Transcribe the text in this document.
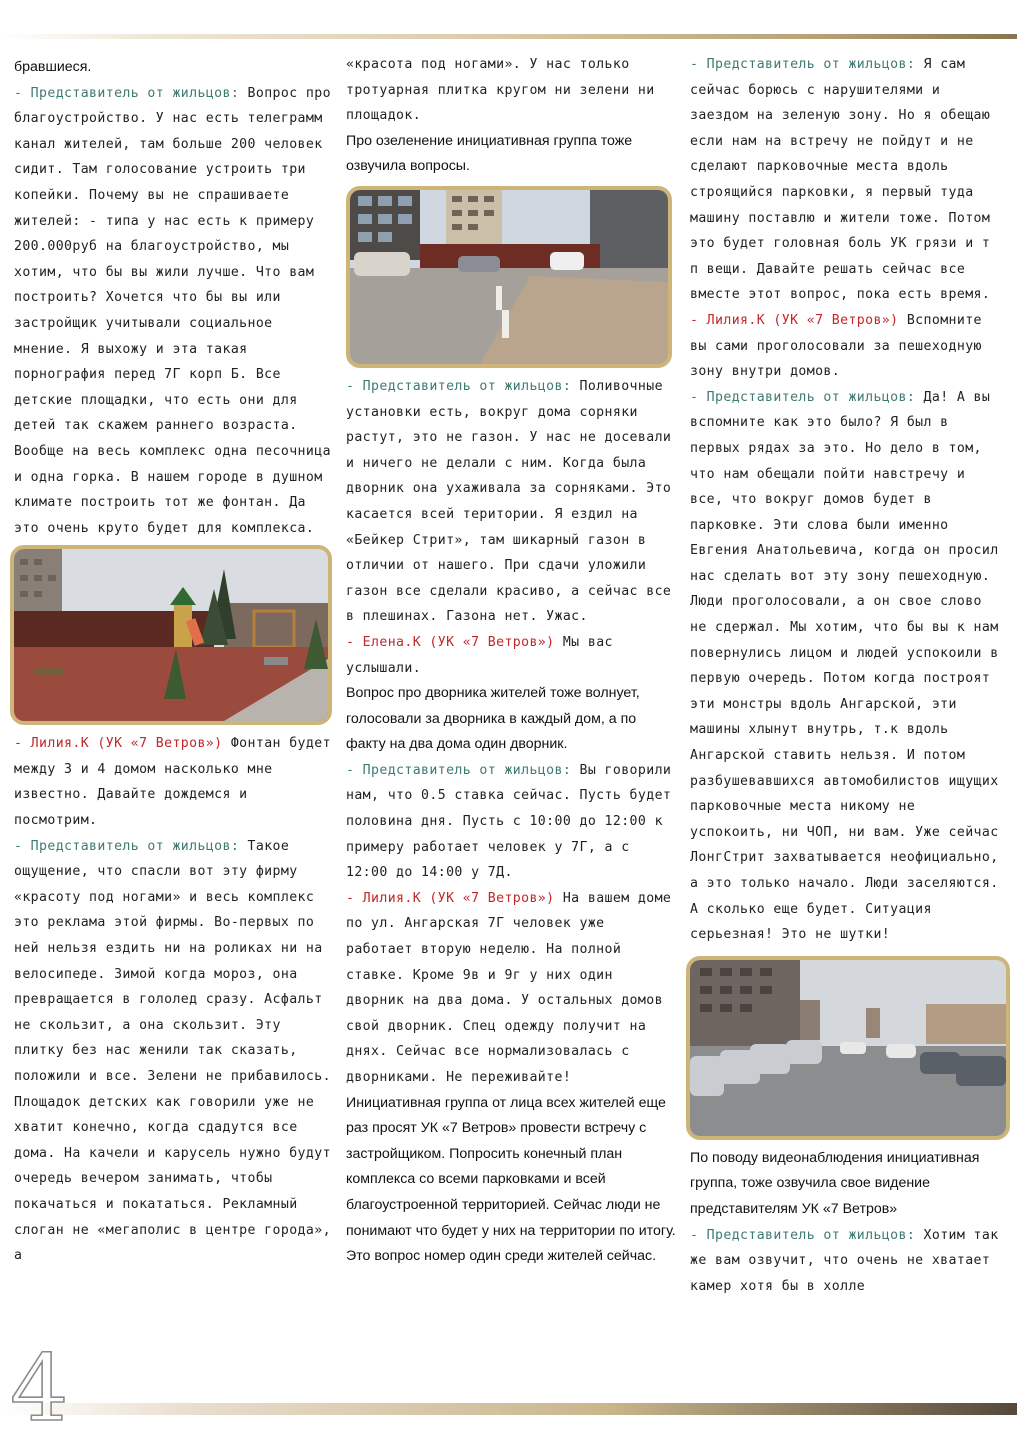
бравшиеся.
- Представитель от жильцов: Вопрос про благоустройство. У нас есть телеграмм канал жителей, там больше 200 человек сидит. Там голосование устроить три копейки. Почему вы не спрашиваете жителей: - типа у нас есть к примеру 200.000руб на благоустройство, мы хотим, что бы вы жили лучше. Что вам построить? Хочется что бы вы или застройщик учитывали социальное мнение. Я выхожу и эта такая порнография перед 7Г корп Б. Все детские площадки, что есть они для детей так скажем раннего возраста. Вообще на весь комплекс одна песочница и одна горка. В нашем городе в душном климате построить тот же фонтан. Да это очень круто будет для комплекса.
- Лилия.К (УК «7 Ветров») Фонтан будет между 3 и 4 домом насколько мне известно. Давайте дождемся и посмотрим.
- Представитель от жильцов: Такое ощущение, что спасли вот эту фирму «красоту под ногами» и весь комплекс это реклама этой фирмы. Во-первых по ней нельзя ездить ни на роликах ни на велосипеде. Зимой когда мороз, она превращается в гололед сразу. Асфальт не скользит, а она скользит. Эту плитку без нас женили так сказать, положили и все. Зелени не прибавилось. Площадок детских как говорили уже не хватит конечно, когда сдадутся все дома. На качели и карусель нужно будут очередь вечером занимать, чтобы покачаться и покататься. Рекламный слоган не «мегаполис в центре города», а
«красота под ногами». У нас только тротуарная плитка кругом ни зелени ни площадок.
Про озеленение инициативная группа тоже озвучила вопросы.
- Представитель от жильцов: Поливочные установки есть, вокруг дома сорняки растут, это не газон. У нас не досевали и ничего не делали с ним. Когда была дворник она ухаживала за сорняками. Это касается всей територии. Я ездил на «Бейкер Стрит», там шикарный газон в отличии от нашего. При сдачи уложили газон все сделали красиво, а сейчас все в плешинах. Газона нет. Ужас.
- Елена.К (УК «7 Ветров») Мы вас услышали.
Вопрос про дворника жителей тоже волнует, голосовали за дворника в каждый дом, а по факту на два дома один дворник.
- Представитель от жильцов: Вы говорили нам, что 0.5 ставка сейчас. Пусть будет половина дня. Пусть с 10:00 до 12:00 к примеру работает человек у 7Г, а с 12:00 до 14:00 у 7Д.
- Лилия.К (УК «7 Ветров») На вашем доме по ул. Ангарская 7Г человек уже работает вторую неделю. На полной ставке. Кроме 9в и 9г у них один дворник на два дома. У остальных домов свой дворник. Спец одежду получит на днях. Сейчас все нормализовалась с дворниками. Не переживайте!
Инициативная группа от лица всех жителей еще раз просят УК «7 Ветров» провести встречу с застройщиком. Попросить конечный план комплекса со всеми парковками и всей благоустроенной территорией. Сейчас люди не понимают что будет у них на территории по итогу. Это вопрос номер один среди жителей сейчас.
- Представитель от жильцов: Я сам сейчас борюсь с нарушителями и заездом на зеленую зону. Но я обещаю если нам на встречу не пойдут и не сделают парковочные места вдоль строящийся парковки, я первый туда машину поставлю и жители тоже. Потом это будет головная боль УК грязи и т п вещи. Давайте решать сейчас все вместе этот вопрос, пока есть время.
- Лилия.К (УК «7 Ветров») Вспомните вы сами проголосовали за пешеходную зону внутри домов.
- Представитель от жильцов: Да! А вы вспомните как это было? Я был в первых рядах за это. Но дело в том, что нам обещали пойти навстречу и все, что вокруг домов будет в парковке. Эти слова были именно Евгения Анатольевича, когда он просил нас сделать вот эту зону пешеходную. Люди проголосовали, а он свое слово не сдержал. Мы хотим, что бы вы к нам повернулись лицом и людей успокоили в первую очередь. Потом когда построят эти монстры вдоль Ангарской, эти машины хлынут внутрь, т.к вдоль Ангарской ставить нельзя. И потом разбушевавшихся автомобилистов ищущих парковочные места никому не успокоить, ни ЧОП, ни вам. Уже сейчас ЛонгСтрит захватывается неофициально, а это только начало. Люди заселяются. А сколько еще будет. Ситуация серьезная! Это не шутки!
По поводу видеонаблюдения инициативная группа, тоже озвучила свое видение представителям УК «7 Ветров»
- Представитель от жильцов: Хотим так же вам озвучит, что очень не хватает камер хотя бы в холле
4
